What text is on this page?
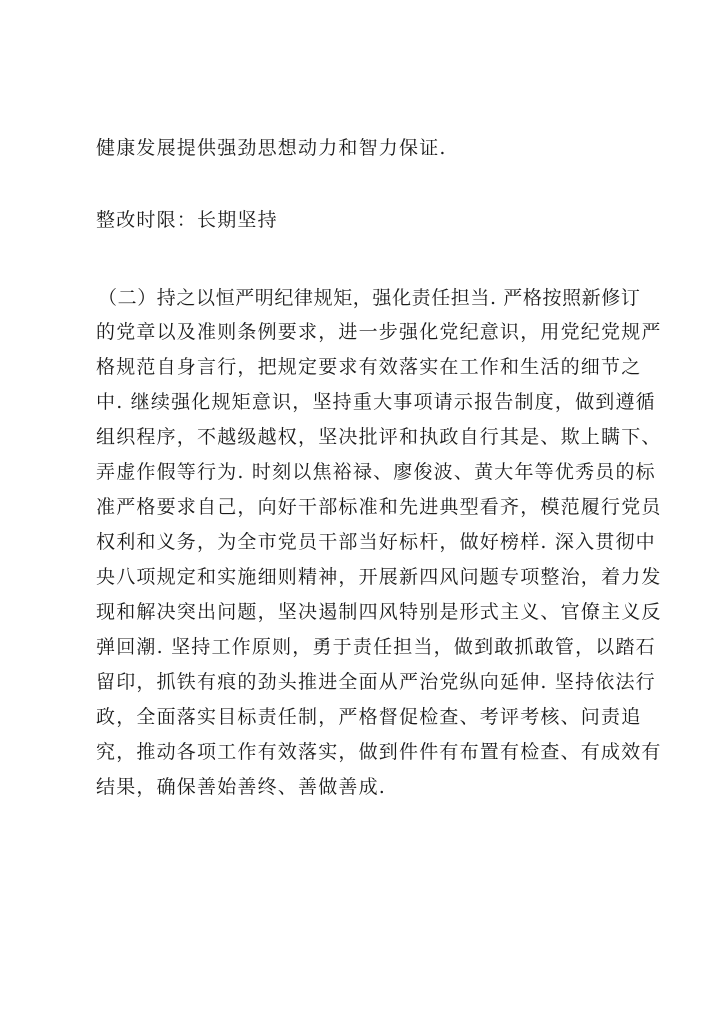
健康发展提供强劲思想动力和智力保证.
整改时限：长期坚持
（二）持之以恒严明纪律规矩，强化责任担当. 严格按照新修订
的党章以及准则条例要求，进一步强化党纪意识，用党纪党规严
格规范自身言行，把规定要求有效落实在工作和生活的细节之
中. 继续强化规矩意识，坚持重大事项请示报告制度，做到遵循
组织程序，不越级越权，坚决批评和执政自行其是、欺上瞒下、
弄虚作假等行为. 时刻以焦裕禄、廖俊波、黄大年等优秀员的标
准严格要求自己，向好干部标准和先进典型看齐，模范履行党员
权利和义务，为全市党员干部当好标杆，做好榜样. 深入贯彻中
央八项规定和实施细则精神，开展新四风问题专项整治，着力发
现和解决突出问题，坚决遏制四风特别是形式主义、官僚主义反
弹回潮. 坚持工作原则，勇于责任担当，做到敢抓敢管，以踏石
留印，抓铁有痕的劲头推进全面从严治党纵向延伸. 坚持依法行
政，全面落实目标责任制，严格督促检查、考评考核、问责追
究，推动各项工作有效落实，做到件件有布置有检查、有成效有
结果，确保善始善终、善做善成.
